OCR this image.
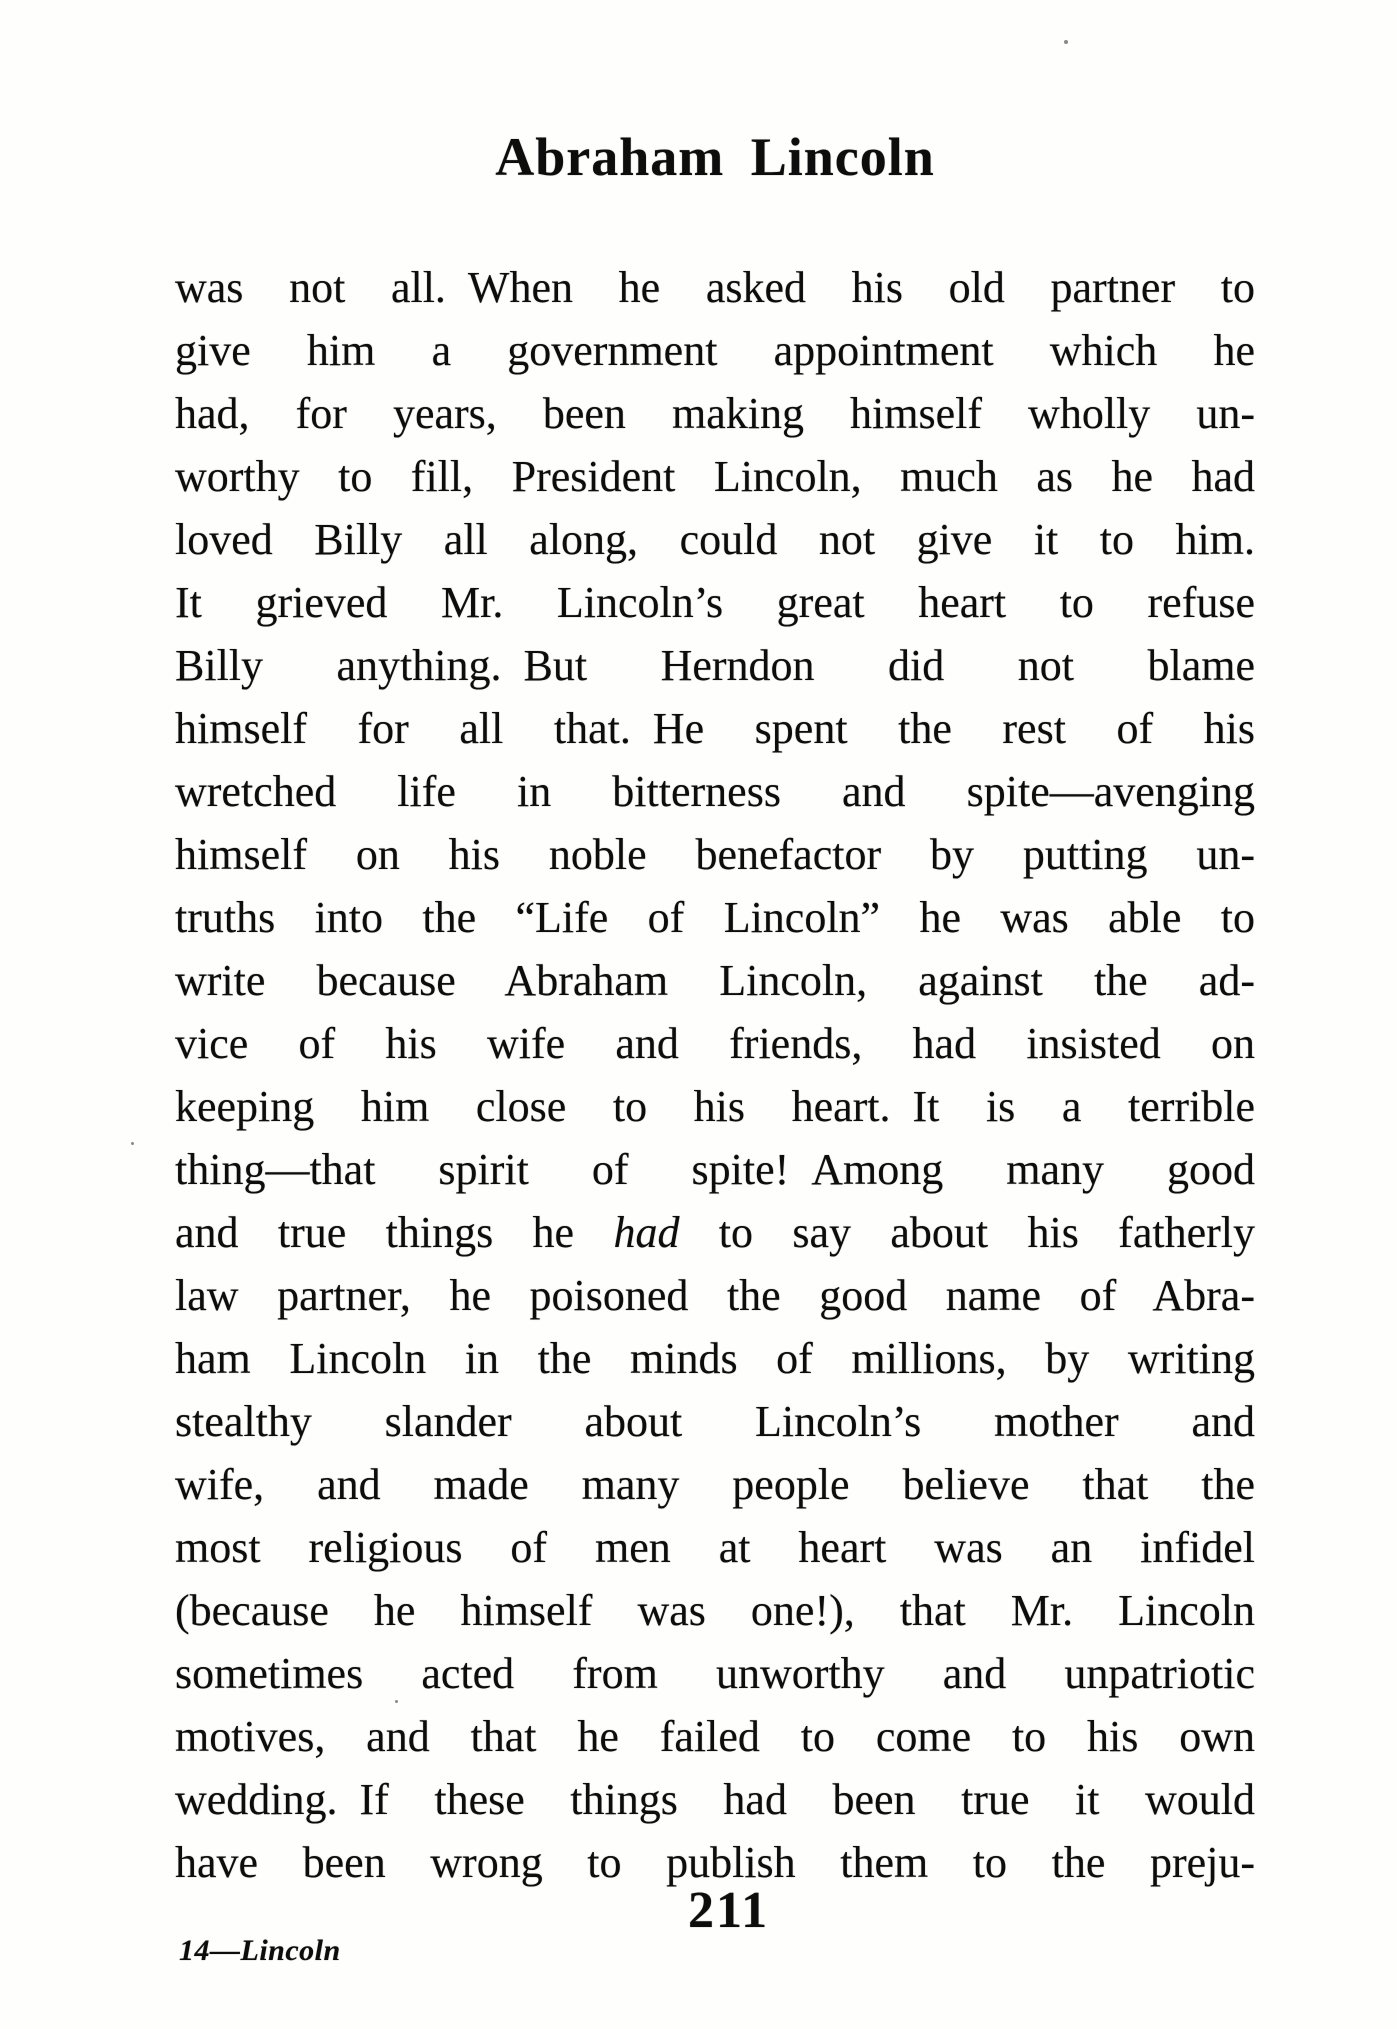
Abraham Lincoln
was not all. When he asked his old partner to
give him a government appointment which he
had, for years, been making himself wholly un-
worthy to fill, President Lincoln, much as he had
loved Billy all along, could not give it to him.
It grieved Mr. Lincoln’s great heart to refuse
Billy anything. But Herndon did not blame
himself for all that. He spent the rest of his
wretched life in bitterness and spite—avenging
himself on his noble benefactor by putting un-
truths into the “Life of Lincoln” he was able to
write because Abraham Lincoln, against the ad-
vice of his wife and friends, had insisted on
keeping him close to his heart. It is a terrible
thing—that spirit of spite! Among many good
and true things he had to say about his fatherly
law partner, he poisoned the good name of Abra-
ham Lincoln in the minds of millions, by writing
stealthy slander about Lincoln’s mother and
wife, and made many people believe that the
most religious of men at heart was an infidel
(because he himself was one!), that Mr. Lincoln
sometimes acted from unworthy and unpatriotic
motives, and that he failed to come to his own
wedding. If these things had been true it would
have been wrong to publish them to the preju-
211
14—Lincoln
